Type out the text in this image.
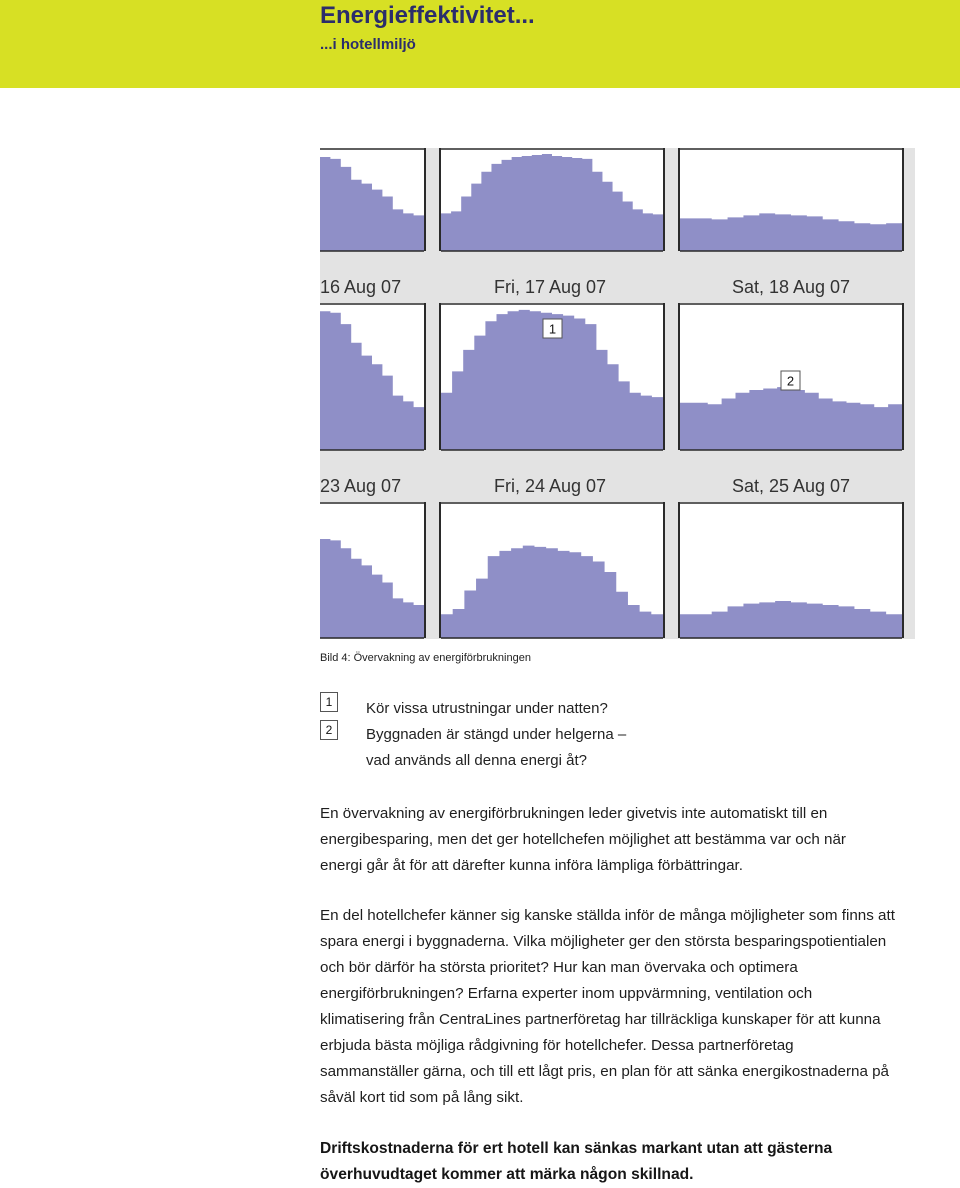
Energieffektivitet...

...i hotellmiljö

16 Aug 07	Fri, 17 Aug 07	Sat, 18 Aug 07
23 Aug 07	Fri, 24 Aug 07	Sat, 25 Aug 07
1
2
Bild 4: Övervakning av energiförbrukningen
1	Kör vissa utrustningar under natten?
2	Byggnaden är stängd under helgerna –
vad används all denna energi åt?

En övervakning av energiförbrukningen leder givetvis inte automatiskt till en energibesparing, men det ger hotellchefen möjlighet att bestämma var och när energi går åt för att därefter kunna införa lämpliga förbättringar.

En del hotellchefer känner sig kanske ställda inför de många möjligheter som finns att spara energi i byggnaderna. Vilka möjligheter ger den största besparingspotientialen och bör därför ha största prioritet? Hur kan man övervaka och optimera energiförbrukningen? Erfarna experter inom uppvärmning, ventilation och klimatisering från CentraLines partnerföretag har tillräckliga kunskaper för att kunna erbjuda bästa möjliga rådgivning för hotellchefer. Dessa partnerföretag sammanställer gärna, och till ett lågt pris, en plan för att sänka energikostnaderna på såväl kort tid som på lång sikt.

Driftskostnaderna för ert hotell kan sänkas markant utan att gästerna överhuvudtaget kommer att märka någon skillnad.
